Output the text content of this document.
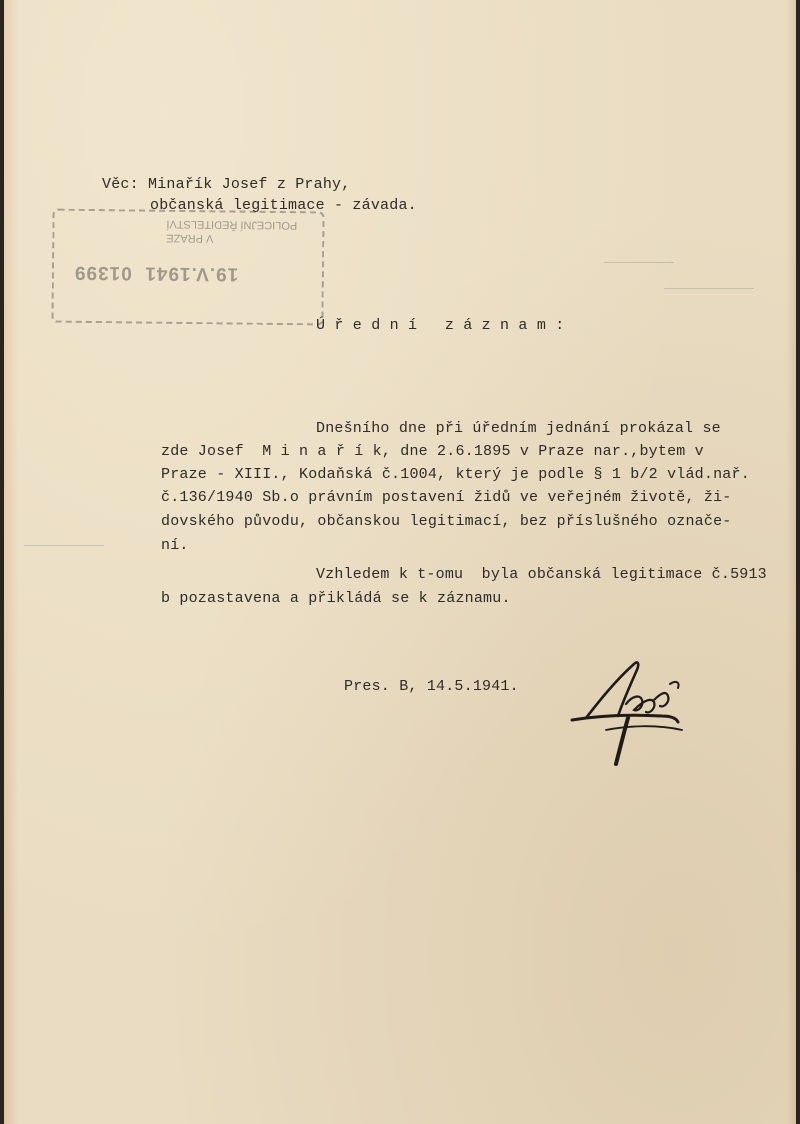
POLICEJNÍ ŘEDITELSTVÍ
V PRAZE
19.V.1941  01399
Věc: Minařík Josef z Prahy,
občanská legitimace - závada.
Ú ř e d n í   z á z n a m :
Dnešního dne při úředním jednání prokázal se
zde Josef  M i n a ř í k, dne 2.6.1895 v Praze nar.,bytem v
Praze - XIII., Kodaňská č.1004, který je podle § 1 b/2 vlád.nař.
č.136/1940 Sb.o právním postavení židů ve veřejném životě, ži-
dovského původu, občanskou legitimací, bez příslušného označe-
ní.
Vzhledem k t-omu  byla občanská legitimace č.5913
b pozastavena a přikládá se k záznamu.
Pres. B, 14.5.1941.
